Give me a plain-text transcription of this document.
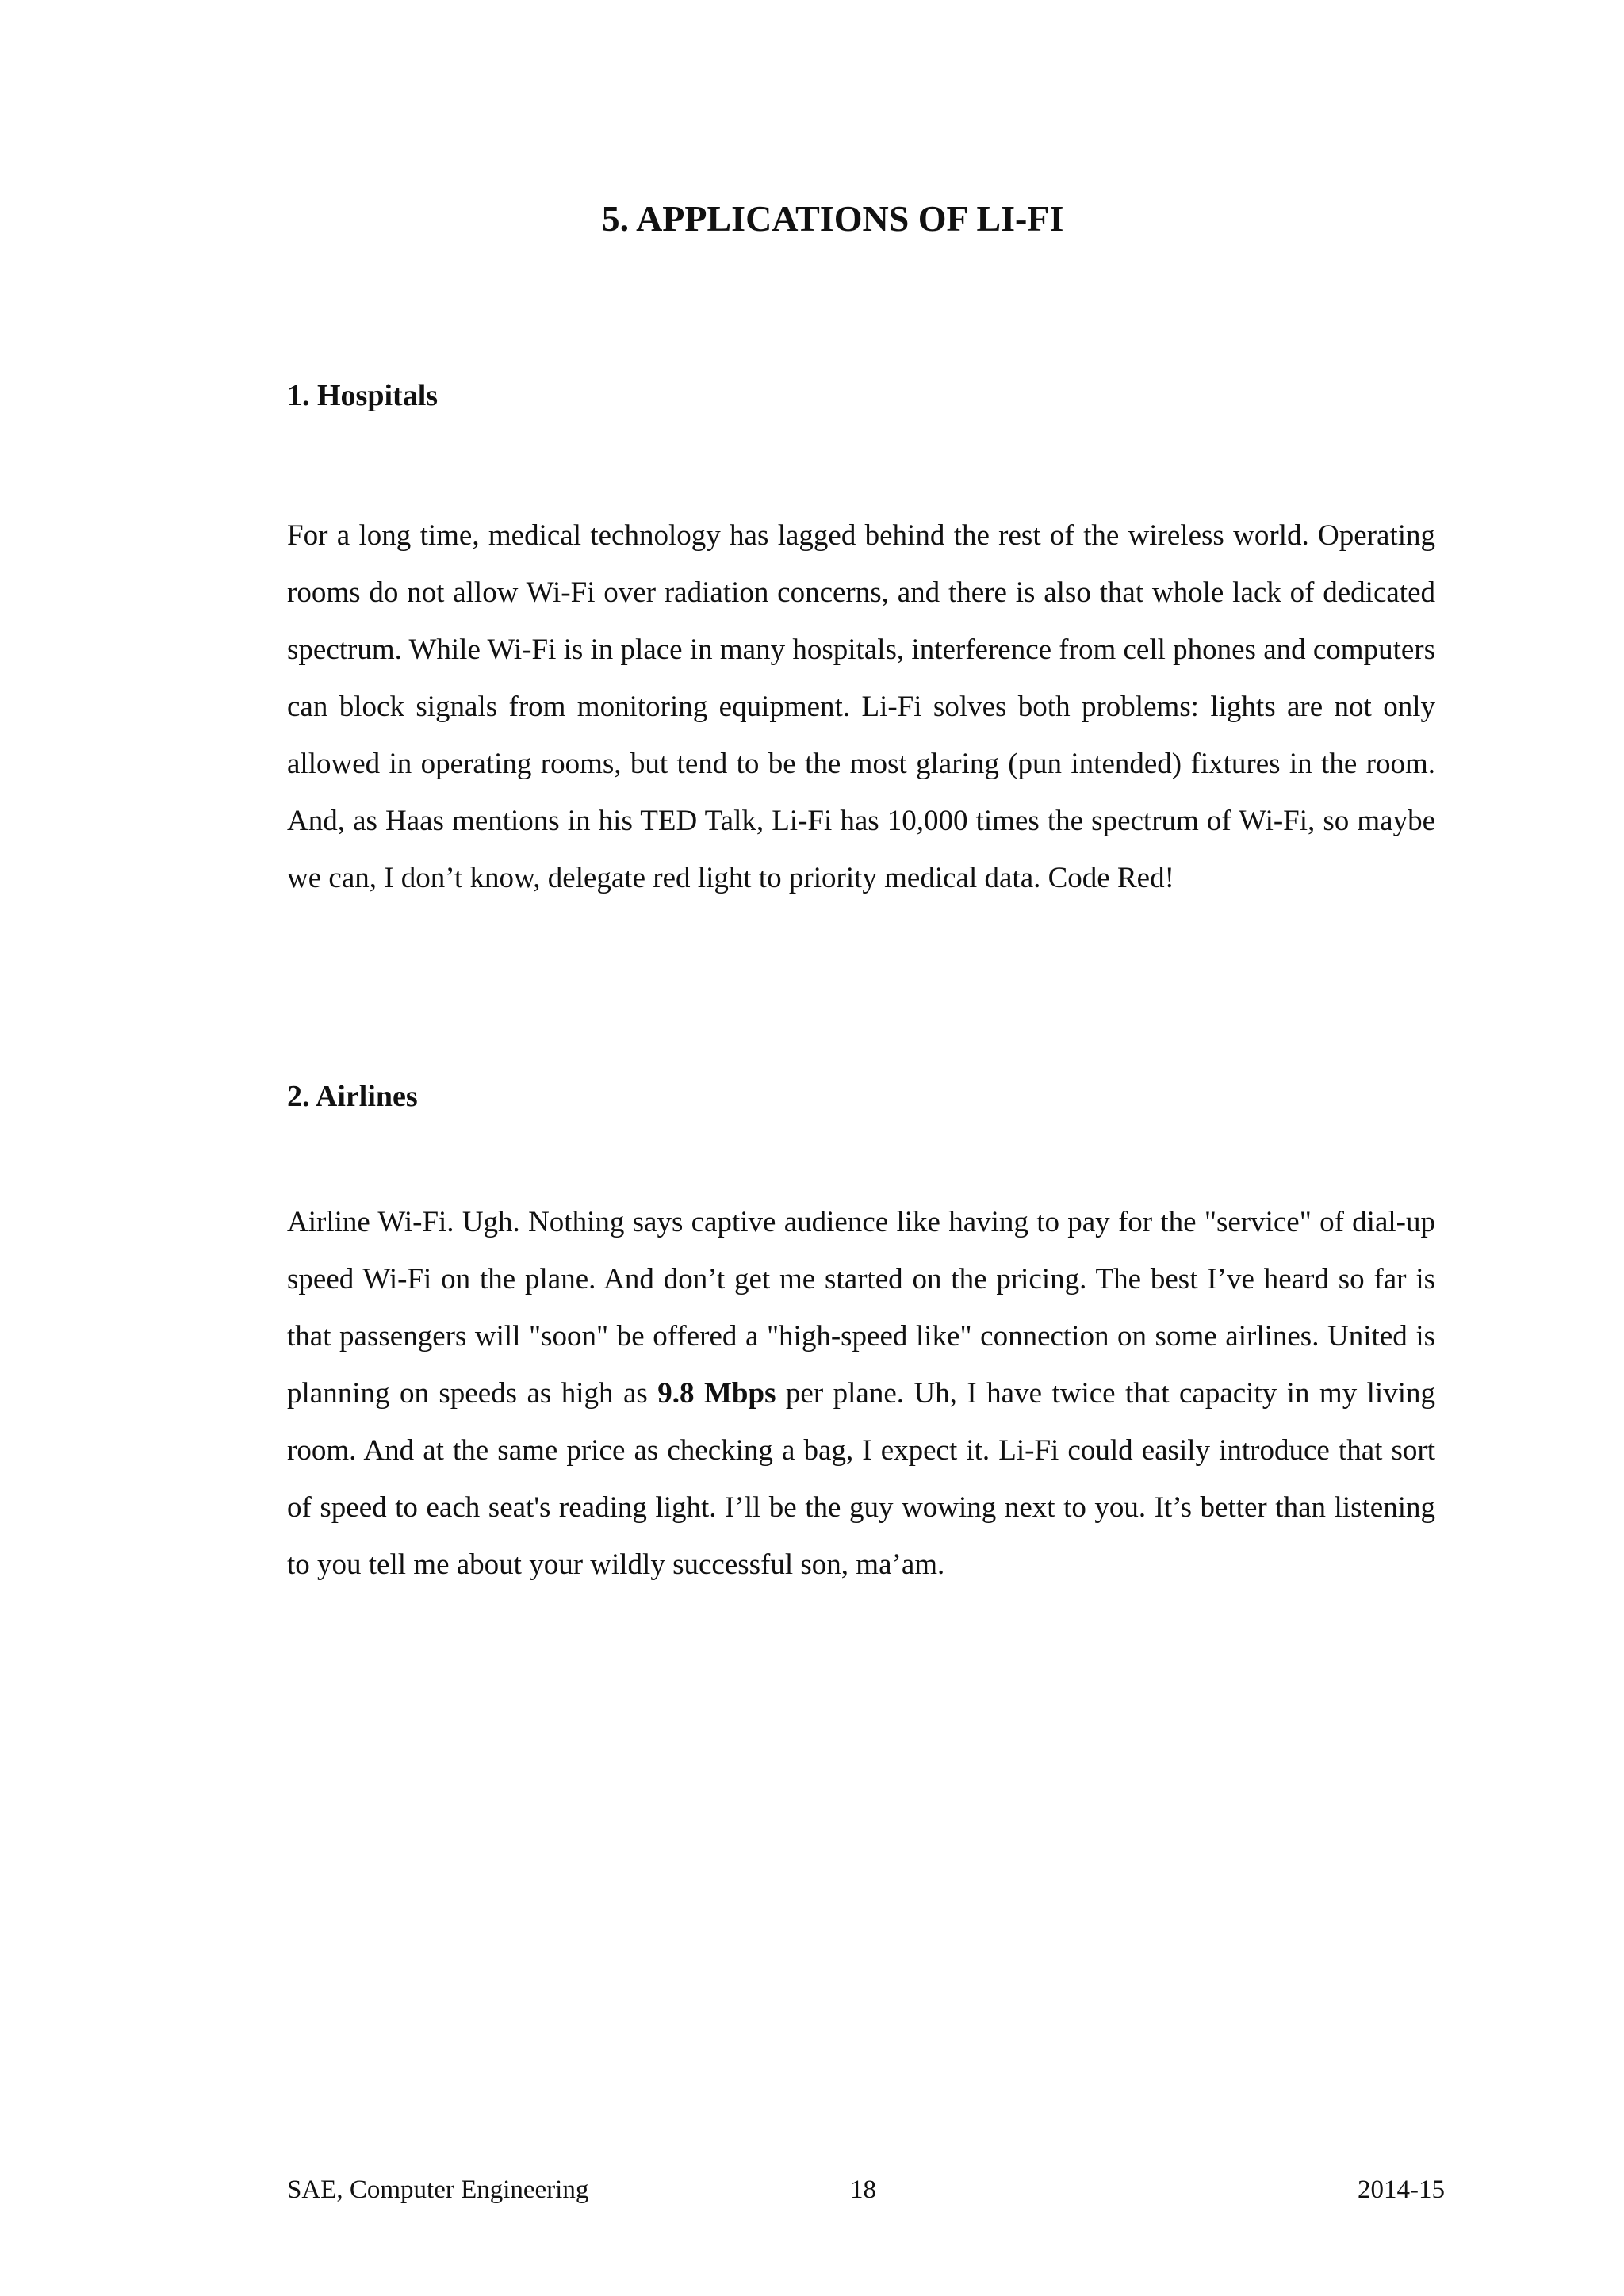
5. APPLICATIONS OF LI-FI
1. Hospitals

For a long time, medical technology has lagged behind the rest of the wireless world. Operating rooms do not allow Wi-Fi over radiation concerns, and there is also that whole lack of dedicated spectrum. While Wi-Fi is in place in many hospitals, interference from cell phones and computers can block signals from monitoring equipment. Li-Fi solves both problems: lights are not only allowed in operating rooms, but tend to be the most glaring (pun intended) fixtures in the room. And, as Haas mentions in his TED Talk, Li-Fi has 10,000 times the spectrum of Wi-Fi, so maybe we can, I don’t know, delegate red light to priority medical data. Code Red!

2. Airlines

Airline Wi-Fi. Ugh. Nothing says captive audience like having to pay for the "service" of dial-up speed Wi-Fi on the plane. And don’t get me started on the pricing. The best I’ve heard so far is that passengers will "soon" be offered a "high-speed like" connection on some airlines. United is planning on speeds as high as 9.8 Mbps per plane. Uh, I have twice that capacity in my living room. And at the same price as checking a bag, I expect it. Li-Fi could easily introduce that sort of speed to each seat's reading light. I’ll be the guy wowing next to you. It’s better than listening to you tell me about your wildly successful son, ma’am.

SAE, Computer Engineering	18	2014-15
